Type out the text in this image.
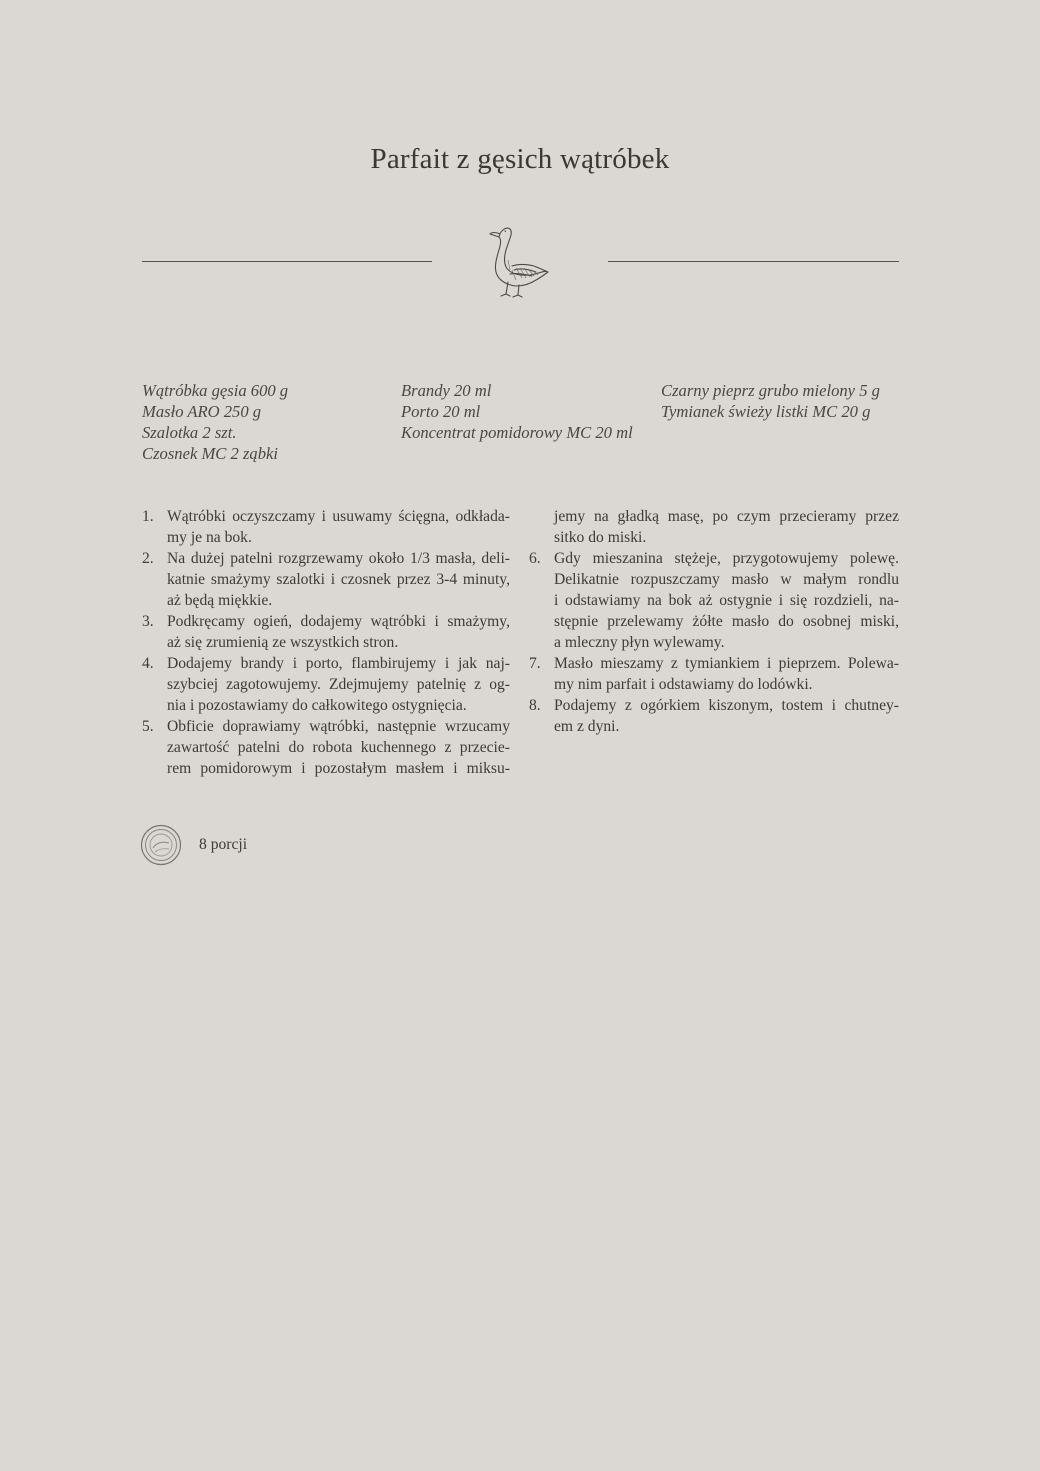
Parfait z gęsich wątróbek
Wątróbka gęsia 600 g
Masło ARO 250 g
Szalotka 2 szt.
Czosnek MC 2 ząbki
Brandy 20 ml
Porto 20 ml
Koncentrat pomidorowy MC 20 ml
Czarny pieprz grubo mielony 5 g
Tymianek świeży listki MC 20 g
1. Wątróbki oczyszczamy i usuwamy ścięgna, odkłada-
my je na bok.
2. Na dużej patelni rozgrzewamy około 1/3 masła, deli-
katnie smażymy szalotki i czosnek przez 3-4 minuty,
aż będą miękkie.
3. Podkręcamy ogień, dodajemy wątróbki i smażymy,
aż się zrumienią ze wszystkich stron.
4. Dodajemy brandy i porto, flambirujemy i jak naj-
szybciej zagotowujemy. Zdejmujemy patelnię z og-
nia i pozostawiamy do całkowitego ostygnięcia.
5. Obficie doprawiamy wątróbki, następnie wrzucamy
zawartość patelni do robota kuchennego z przecie-
rem pomidorowym i pozostałym masłem i miksu-
jemy na gładką masę, po czym przecieramy przez
sitko do miski.
6. Gdy mieszanina stężeje, przygotowujemy polewę.
Delikatnie rozpuszczamy masło w małym rondlu
i odstawiamy na bok aż ostygnie i się rozdzieli, na-
stępnie przelewamy żółte masło do osobnej miski,
a mleczny płyn wylewamy.
7. Masło mieszamy z tymiankiem i pieprzem. Polewa-
my nim parfait i odstawiamy do lodówki.
8. Podajemy z ogórkiem kiszonym, tostem i chutney-
em z dyni.
8 porcji
